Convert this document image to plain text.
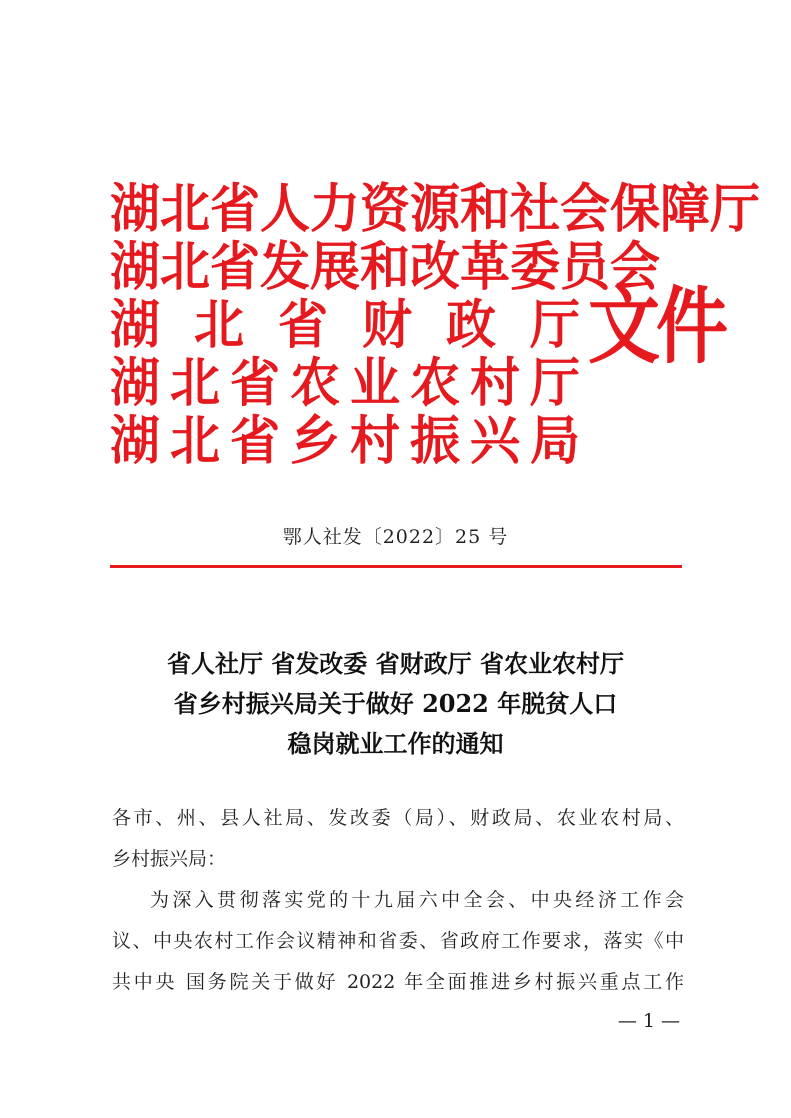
湖北省人力资源和社会保障厅
湖北省发展和改革委员会
湖北省财政厅
湖北省农业农村厅
湖北省乡村振兴局
文件
鄂人社发〔2022〕25 号
省人社厅 省发改委 省财政厅 省农业农村厅
省乡村振兴局关于做好 2022 年脱贫人口
稳岗就业工作的通知
各市、州、县人社局、发改委（局）、财政局、农业农村局、
乡村振兴局：
为深入贯彻落实党的十九届六中全会、中央经济工作会
议、中央农村工作会议精神和省委、省政府工作要求，落实《中
共中央 国务院关于做好 2022 年全面推进乡村振兴重点工作
— 1 —
